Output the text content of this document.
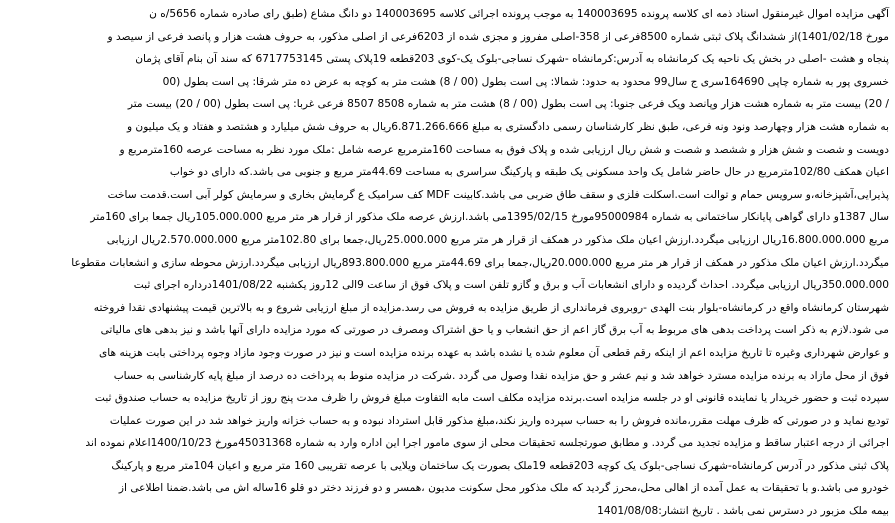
آگهی مزایده اموال غیرمنقول اسناد ذمه ای کلاسه پرونده 140003695 به موجب پرونده اجرائی کلاسه 140003695 دو دانگ مشاع (طبق رای صادره شماره 5656/ه ن
مورخ 1401/02/18)از ششدانگ پلاک ثبتی شماره 8500فرعی از 358-اصلی مفروز و مجزی شده از 6203فرعی از اصلی مذکور، به حروف هشت هزار و پانصد فرعی از سیصد و
پنجاه و هشت -اصلی در بخش یک ناحیه یک کرمانشاه به آدرس:کرمانشاه -شهرک نساجی-بلوک یک-کوی 203قطعه 19پلاک پستی 6717753145 که سند آن بنام آقای پژمان
خسروی پور به شماره چاپی 164690سری ج سال99 محدود به حدود: شمالا: پی است بطول (00 / 8) هشت متر به کوچه به عرض ده متر شرقا: پی است بطول (00
/ 20) بیست متر به شماره هشت هزار وپانصد ویک فرعی جنوبا: پی است بطول (00 / 8) هشت متر به شماره 8508 8507 فرعی غربا: پی است بطول (00 / 20) بیست متر
به شماره هشت هزار وچهارصد ونود ونه فرعی، طبق نظر کارشناسان رسمی دادگستری به مبلغ 6.871.266.666ریال به حروف شش میلیارد و هشتصد و هفتاد و یک میلیون و
دویست و شصت و شش هزار و ششصد و شصت و شش ریال ارزیابی شده و پلاک فوق به مساحت 160مترمربع عرصه شامل :ملک مورد نظر به مساحت عرصه 160مترمربع و
اعیان همکف 102/80مترمربع در حال حاضر شامل یک واحد مسکونی یک طبقه و پارکینگ سراسری به مساحت 44.69متر مربع و جنوبی می باشد.که دارای دو خواب
پذیرایی،آشپزخانه،و سرویس حمام و توالت است.اسکلت فلزی و سقف طاق ضربی می باشد.کابینت MDF کف سرامیک ع گرمایش بخاری و سرمایش کولر آبی است.قدمت ساخت
سال 1387و دارای گواهی پایانکار ساختمانی به شماره 95000984مورخ 1395/02/15می باشد.ارزش عرصه ملک مذکور از قرار هر متر مربع 105.000.000ریال جمعا برای 160متر
مربع 16.800.000.000ریال ارزیابی میگردد.ارزش اعیان ملک مذکور در همکف از قرار هر متر مربع 25.000.000ریال،جمعا برای 102.80متر مربع 2.570.000.000ریال ارزیابی
میگردد.ارزش اعیان ملک مذکور در همکف از قرار هر متر مربع 20.000.000ریال،جمعا برای 44.69متر مربع 893.800.000ریال ارزیابی میگردد.ارزش محوطه سازی و انشعابات مقطوعا
350.000.000ریال ارزیابی میگردد. احداث گردیده و دارای انشعابات آب و برق و گازو تلفن است و پلاک فوق از ساعت 9الی 12روز یکشنبه 1401/08/22درداره اجرای ثبت
شهرستان کرمانشاه واقع در کرمانشاه-بلوار بنت الهدی -روبروی فرمانداری از طریق مزایده به فروش می رسد.مزایده از مبلغ ارزیابی شروع و به بالاترین قیمت پیشنهادی نقدا فروخته
می شود.لازم به ذکر است پرداخت بدهی های مربوط به آب برق گاز اعم از حق انشعاب و یا حق اشتراک ومصرف در صورتی که مورد مزایده دارای آنها باشد و نیز بدهی های مالیاتی
و عوارض شهرداری وغیره تا تاریخ مزایده اعم از اینکه رقم قطعی آن معلوم شده یا نشده باشد به عهده برنده مزایده است و نیز در صورت وجود مازاد وجوه پرداختی بابت هزینه های
فوق از محل مازاد به برنده مزایده مسترد خواهد شد و نیم عشر و حق مزایده نقدا وصول می گردد .شرکت در مزایده منوط به پرداخت ده درصد از مبلغ پایه کارشناسی به حساب
سپرده ثبت و حضور خریدار یا نماینده قانونی او در جلسه مزایده است.برنده مزایده مکلف است مابه التفاوت مبلغ فروش را ظرف مدت پنج روز از تاریخ مزایده به حساب صندوق ثبت
تودیع نماید و در صورتی که ظرف مهلت مقرر،مانده فروش را به حساب سپرده واریز نکند،مبلغ مذکور قابل استرداد نبوده و به حساب خزانه واریز خواهد شد در این صورت عملیات
اجرائی از درجه اعتبار ساقط و مزایده تجدید می گردد. و مطابق صورتجلسه تحقیقات محلی از سوی مامور اجرا این اداره وارد به شماره 45031368مورخ 1400/10/23اعلام نموده اند
پلاک ثبتی مذکور در آدرس کرمانشاه-شهرک نساجی-بلوک یک کوچه 203قطعه 19ملک بصورت یک ساختمان ویلایی با عرصه تقریبی 160 متر مربع و اعیان 104متر مربع و پارکینگ
خودرو می باشد.و با تحقیقات به عمل آمده از اهالی محل،محرز گردید که ملک مذکور محل سکونت مدیون ،همسر و دو فرزند دختر دو قلو 16ساله اش می باشد.ضمنا اطلاعی از
بیمه ملک مزبور در دسترس نمی باشد . تاریخ انتشار:1401/08/08
